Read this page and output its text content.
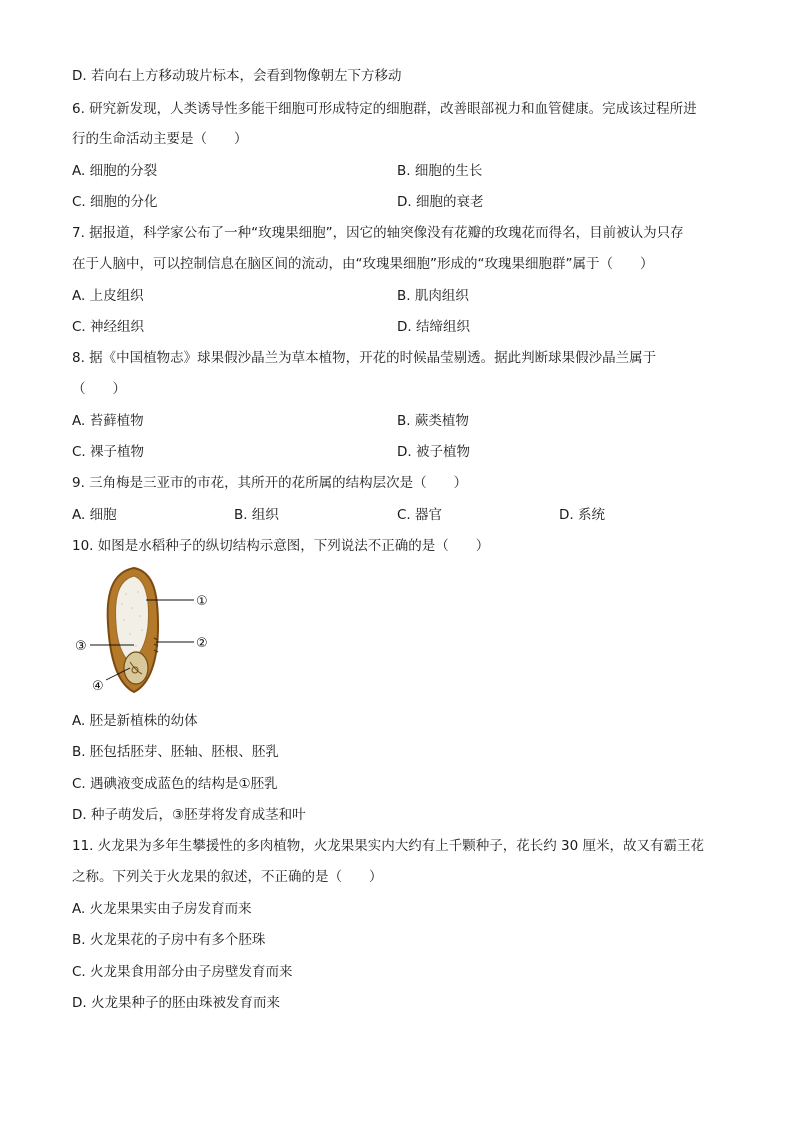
D. 若向右上方移动玻片标本，会看到物像朝左下方移动
6. 研究新发现，人类诱导性多能干细胞可形成特定的细胞群，改善眼部视力和血管健康。完成该过程所进
行的生命活动主要是（　　）
A. 细胞的分裂	B. 细胞的生长
C. 细胞的分化	D. 细胞的衰老
7. 据报道，科学家公布了一种“玫瑰果细胞”，因它的轴突像没有花瓣的玫瑰花而得名，目前被认为只存
在于人脑中，可以控制信息在脑区间的流动，由“玫瑰果细胞”形成的“玫瑰果细胞群”属于（　　）
A. 上皮组织	B. 肌肉组织
C. 神经组织	D. 结缔组织
8. 据《中国植物志》球果假沙晶兰为草本植物，开花的时候晶莹剔透。据此判断球果假沙晶兰属于
（　　）
A. 苔藓植物	B. 蕨类植物
C. 裸子植物	D. 被子植物
9. 三角梅是三亚市的市花，其所开的花所属的结构层次是（　　）
A. 细胞	B. 组织	C. 器官	D. 系统
10. 如图是水稻种子的纵切结构示意图，下列说法不正确的是（　　）
①
②
③
④
A. 胚是新植株的幼体
B. 胚包括胚芽、胚轴、胚根、胚乳
C. 遇碘液变成蓝色的结构是①胚乳
D. 种子萌发后，③胚芽将发育成茎和叶
11. 火龙果为多年生攀援性的多肉植物，火龙果果实内大约有上千颗种子，花长约 30 厘米，故又有霸王花
之称。下列关于火龙果的叙述，不正确的是（　　）
A. 火龙果果实由子房发育而来
B. 火龙果花的子房中有多个胚珠
C. 火龙果食用部分由子房壁发育而来
D. 火龙果种子的胚由珠被发育而来
